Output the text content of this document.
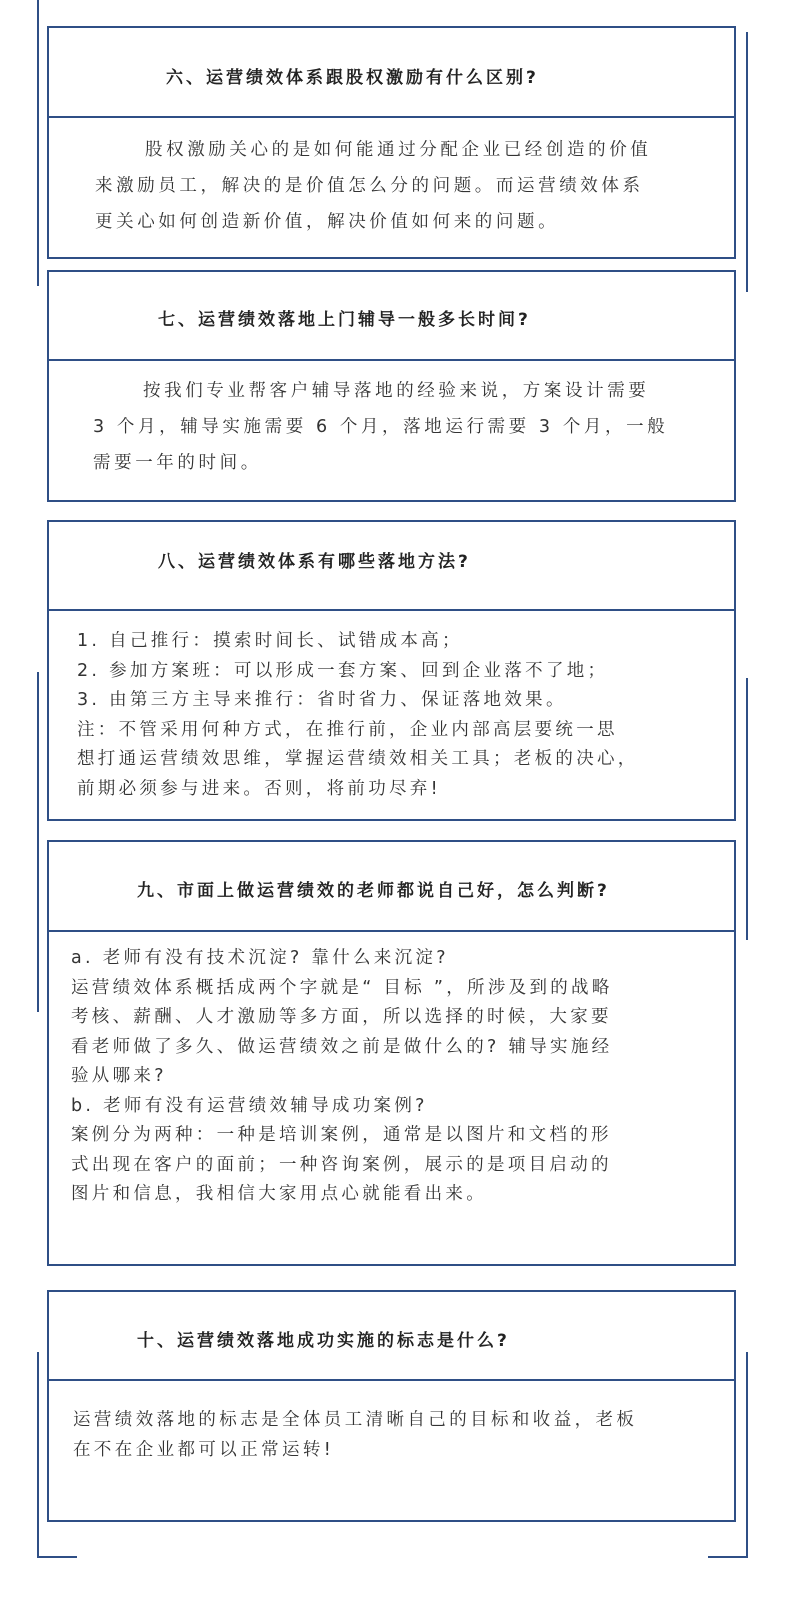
六、运营绩效体系跟股权激励有什么区别?
股权激励关心的是如何能通过分配企业已经创造的价值
来激励员工，解决的是价值怎么分的问题。而运营绩效体系
更关心如何创造新价值，解决价值如何来的问题。
七、运营绩效落地上门辅导一般多长时间?
按我们专业帮客户辅导落地的经验来说，方案设计需要
3 个月，辅导实施需要 6 个月，落地运行需要 3 个月，一般
需要一年的时间。
八、运营绩效体系有哪些落地方法?
1. 自己推行：摸索时间长、试错成本高；
2. 参加方案班：可以形成一套方案、回到企业落不了地；
3. 由第三方主导来推行：省时省力、保证落地效果。
注：不管采用何种方式，在推行前，企业内部高层要统一思
想打通运营绩效思维，掌握运营绩效相关工具；老板的决心，
前期必须参与进来。否则，将前功尽弃!
九、市面上做运营绩效的老师都说自己好，怎么判断?
a. 老师有没有技术沉淀? 靠什么来沉淀?
运营绩效体系概括成两个字就是“ 目标 ”，所涉及到的战略
考核、薪酬、人才激励等多方面，所以选择的时候，大家要
看老师做了多久、做运营绩效之前是做什么的? 辅导实施经
验从哪来?
b. 老师有没有运营绩效辅导成功案例?
案例分为两种：一种是培训案例，通常是以图片和文档的形
式出现在客户的面前；一种咨询案例，展示的是项目启动的
图片和信息，我相信大家用点心就能看出来。
十、运营绩效落地成功实施的标志是什么?
运营绩效落地的标志是全体员工清晰自己的目标和收益，老板
在不在企业都可以正常运转!
